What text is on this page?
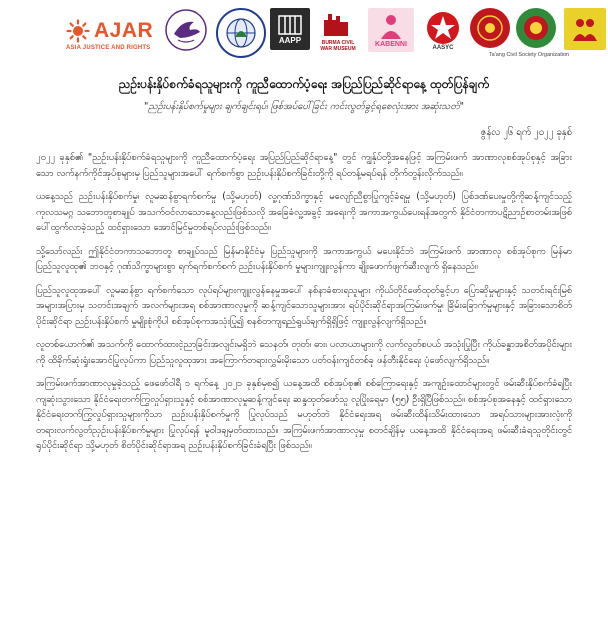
AJAR
ASIA JUSTICE AND RIGHTS
AAPP	BURMA CIVIL WAR MUSEUM
KABENNI
AASYC
Ta'ang Civil Society Organization
ညဉ်းပန်းနှိပ်စက်ခံရသူများကို ကူညီထောက်ပံ့ရေး အပြည်ပြည်ဆိုင်ရာနေ့ ထုတ်ပြန်ချက်
"ညဉ်းပန်းနှိပ်စက်မှုများ ချက်ချင်းရပ်၊ ဖြစ်အပ်ပေါ်ခြင်း ကင်းလွတ်ခွင့်ရစေလုံးအား အဆုံးသတ်"
ဇွန်လ ၂၆ ရက် ၂၀၂၂ ခုနှစ်

၂၀၂၂ ခုနှစ်၏ "ညဉ်းပန်းနှိပ်စက်ခံရသူများကို ကူညီထောက်ပံ့ရေး အပြည်ပြည်ဆိုင်ရာနေ့" တွင် ကျွန်ုပ်တို့အနေဖြင့် အကြမ်းဖက် အာဏာလုစစ်အုပ်စုနှင့် အခြားသော လက်နက်ကိုင်အုပ်စုများမှ ပြည်သူများအပေါ် ရက်စက်စွာ ညဉ်းပန်းနှိပ်စက်ခြင်းတို့ကို ရပ်တန့်မရပ်ရန် တိုက်တွန်းလိုက်သည်။

ယနေ့သည် ညဉ်းပန်းနှိပ်စက်မှု၊ လူမဆန်စွာရက်စက်မှု (သို့မဟုတ်) လူ့ဂုဏ်သိက္ခာနှင့် မလျော်ညီစွာပြုကျင့်ခံရမှု (သို့မဟုတ်) ပြစ်ဒဏ်ပေးမှုတို့ကိုဆန့်ကျင်သည့် ကုလသမဂ္ဂ သဘောတူစာချုပ် အသက်ဝင်လာသောနေ့လည်းဖြစ်သလို အခြေခံလူ့အခွင့် အရေးကို အကာအကွယ်ပေးရန်အတွက် နိုင်ငံတကာပဋိညာဉ်စာတမ်းအဖြစ် ပေါ်ထွက်လာခဲ့သည့် ထင်ရှားသော အောင်မြင်မှုတစ်ရပ်လည်းဖြစ်သည်။

သို့သော်လည်း ဤနိုင်ငံတကာသဘောတူ စာချုပ်သည် မြန်မာနိုင်ငံမှ ပြည်သူများကို အကာအကွယ် မပေးနိုင်ဘဲ အကြမ်းဖက် အာဏာလု စစ်အုပ်စုက မြန်မာပြည်သူလူထု၏ ဘဝနှင့် ဂုဏ်သိက္ခာများစွာ ရက်ရက်စက်စက် ညဉ်းပန်းနှိပ်စက် မှုများကျူးလွန်ကာ ချိုးဖောက်ဖျက်ဆီးလျက် ရှိနေသည်။

ပြည်သူလူထုအပေါ် လူမဆန်စွာ ရက်စက်သော လုပ်ရပ်များကျူးလွန်နေမှုအပေါ် နစ်နာခံစားရသူများ ကိုယ်တိုင်ဖော်ထုတ်ခွင့်ဟ ပြောဆိုမှုများနှင့် သတင်းရင်းမြစ်အများအပြားမှ သတင်းအချက် အလက်များအရ စစ်အာဏာလုမှုကို ဆန့်ကျင်သောသူများအား ရပ်ပိုင်းဆိုင်ရာအကြမ်းဖက်မှု၊ ခြိမ်းခြောက်မှုများနှင့် အခြားသောစိတ်ပိုင်းဆိုင်ရာ ညဉ်းပန်းနှိပ်စက် မှုမျိုးစုံကိုပါ စစ်အုပ်စုကအသုံးပြု၍ စနစ်တကျရည်ရွယ်ချက်ရှိရှိဖြင့် ကျူးလွန်လျက်ရှိသည်။

လူတစ်ယောက်၏ အသက်ကို ထောက်ထားငဲ့ညာခြင်းအလျင်းမရှိဘဲ သေနတ်၊ တုတ်၊ ဓား၊ ပလာယာများကို လက်လွတ်စပယ် အသုံးပြုပြီး ကိုယ်ခန္ဓာအစိတ်အပိုင်းများကို ထိခိုက်ဆုံးရှုံးအောင်ပြုလုပ်ကာ ပြည်သူလူထုအား အကြောက်တရားလွှမ်းမိုးသော ပတ်ဝန်းကျင်တစ်ခု ဖန်တီးနိုင်ရေး ပုံဖော်လျက်ရှိသည်။

အကြမ်းဖက်အာဏာလုမှုခဲ့သည့် ဖေဖော်ဝါရီ ၁ ရက်နေ့ ၂၀၂၁ ခုနှစ်မှစ၍ ယနေ့အထိ စစ်အုပ်စု၏ စစ်ကြောရေးနှင့် အကျဉ်းထောင်များတွင် ဖမ်းဆီးနှိပ်စက်ခံရပြီး ကျဆုံးသွားသော နိုင်ငံရေးတက်ကြွလှုပ်ရှားသူနှင့် စစ်အာဏာလုမှုဆန့်ကျင်ရေး ဆန္ဒထုတ်ဖော်သူ လူပြိုးရေမှာ (၅၅) ဦးရှိပြီဖြစ်သည်။ စစ်အုပ်စုအနေနှင့် ထင်ရှားသော နိုင်ငံရေးတက်ကြွလှုပ်ရှားသူများကိုသာ ညဉ်းပန်းနှိပ်စက်မှုကို ပြုလုပ်သည် မဟုတ်ဘဲ နိုင်ငံရေးအရ ဖမ်းဆီးထိန်းသိမ်းထားသော အရပ်သားများအားလုံးကို တရားလက်လွတ်ညှဉ်းပန်းနှိပ်စက်မှုများ ပြုလုပ်ရန် မူဝါဒချမှတ်ထားသည်။ အကြမ်းဖက်အာဏာလုမှု စတင်ချိန်မှ ယနေ့အထိ နိုင်ငံရေးအရ ဖမ်းဆီးခံရသူတိုင်းတွင် ရုပ်ပိုင်းဆိုင်ရာ သို့မဟုတ် စိတ်ပိုင်းဆိုင်ရာအရ ညဉ်းပန်းနှိပ်စက်ခြင်းခံရပြီး ဖြစ်သည်။
